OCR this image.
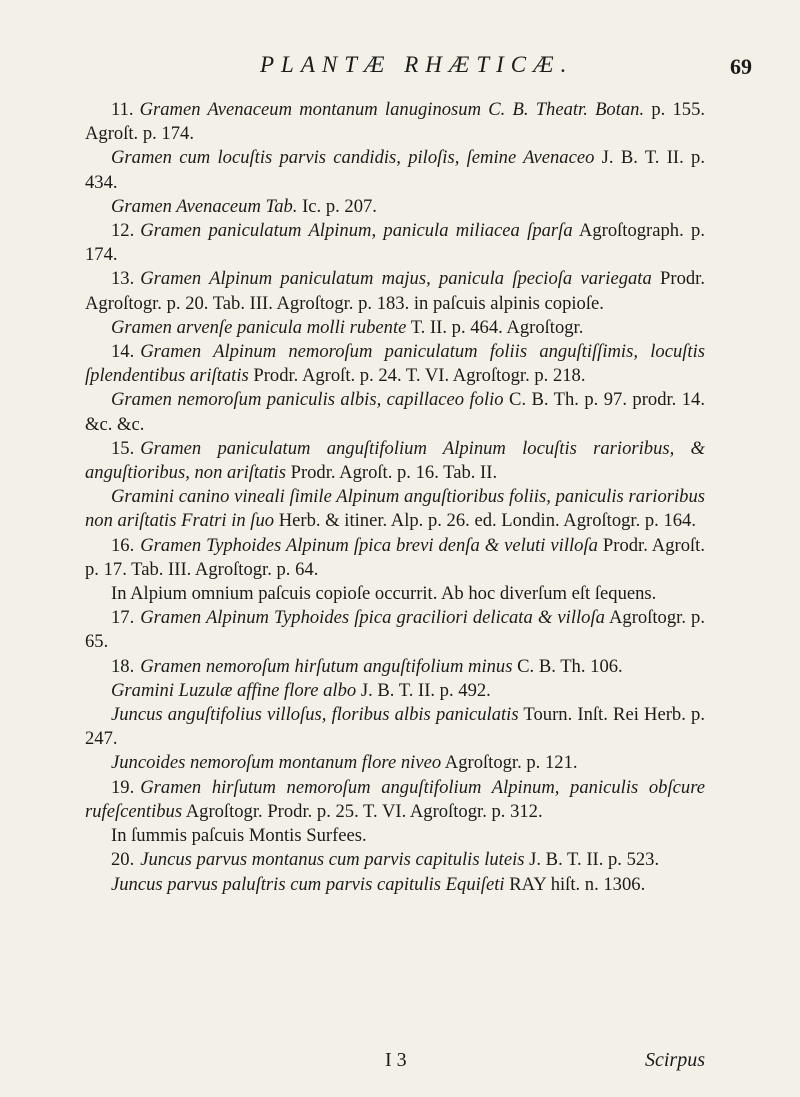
PLANTÆ RHÆTICÆ.	69
11. Gramen Avenaceum montanum lanuginosum C. B. Theatr. Botan. p. 155. Agroſt. p. 174.
Gramen cum locuſtis parvis candidis, piloſis, ſemine Avenaceo J. B. T. II. p. 434.
Gramen Avenaceum Tab. Ic. p. 207.
12. Gramen paniculatum Alpinum, panicula miliacea ſparſa Agroſtograph. p. 174.
13. Gramen Alpinum paniculatum majus, panicula ſpecioſa variegata Prodr. Agroſtogr. p. 20. Tab. III. Agroſtogr. p. 183. in paſcuis alpinis copioſe.
Gramen arvenſe panicula molli rubente T. II. p. 464. Agroſtogr.
14. Gramen Alpinum nemoroſum paniculatum foliis anguſtiſſimis, locuſtis ſplendentibus ariſtatis Prodr. Agroſt. p. 24. T. VI. Agroſtogr. p. 218.
Gramen nemoroſum paniculis albis, capillaceo folio C. B. Th. p. 97. prodr. 14. &c. &c.
15. Gramen paniculatum anguſtifolium Alpinum locuſtis rarioribus, & anguſtioribus, non ariſtatis Prodr. Agroſt. p. 16. Tab. II.
Gramini canino vineali ſimile Alpinum anguſtioribus foliis, paniculis rarioribus non ariſtatis Fratri in ſuo Herb. & itiner. Alp. p. 26. ed. Londin. Agroſtogr. p. 164.
16. Gramen Typhoides Alpinum ſpica brevi denſa & veluti villoſa Prodr. Agroſt. p. 17. Tab. III. Agroſtogr. p. 64.
In Alpium omnium paſcuis copioſe occurrit. Ab hoc diverſum eſt ſequens.
17. Gramen Alpinum Typhoides ſpica graciliori delicata & villoſa Agroſtogr. p. 65.
18. Gramen nemoroſum hirſutum anguſtifolium minus C. B. Th. 106.
Gramini Luzulæ affine flore albo J. B. T. II. p. 492.
Juncus anguſtifolius villoſus, floribus albis paniculatis Tourn. Inſt. Rei Herb. p. 247.
Juncoides nemoroſum montanum flore niveo Agroſtogr. p. 121.
19. Gramen hirſutum nemoroſum anguſtifolium Alpinum, paniculis obſcure rufeſcentibus Agroſtogr. Prodr. p. 25. T. VI. Agroſtogr. p. 312.
In ſummis paſcuis Montis Surfees.
20. Juncus parvus montanus cum parvis capitulis luteis J. B. T. II. p. 523.
Juncus parvus paluſtris cum parvis capitulis Equiſeti RAY hiſt. n. 1306.
I 3	Scirpus
